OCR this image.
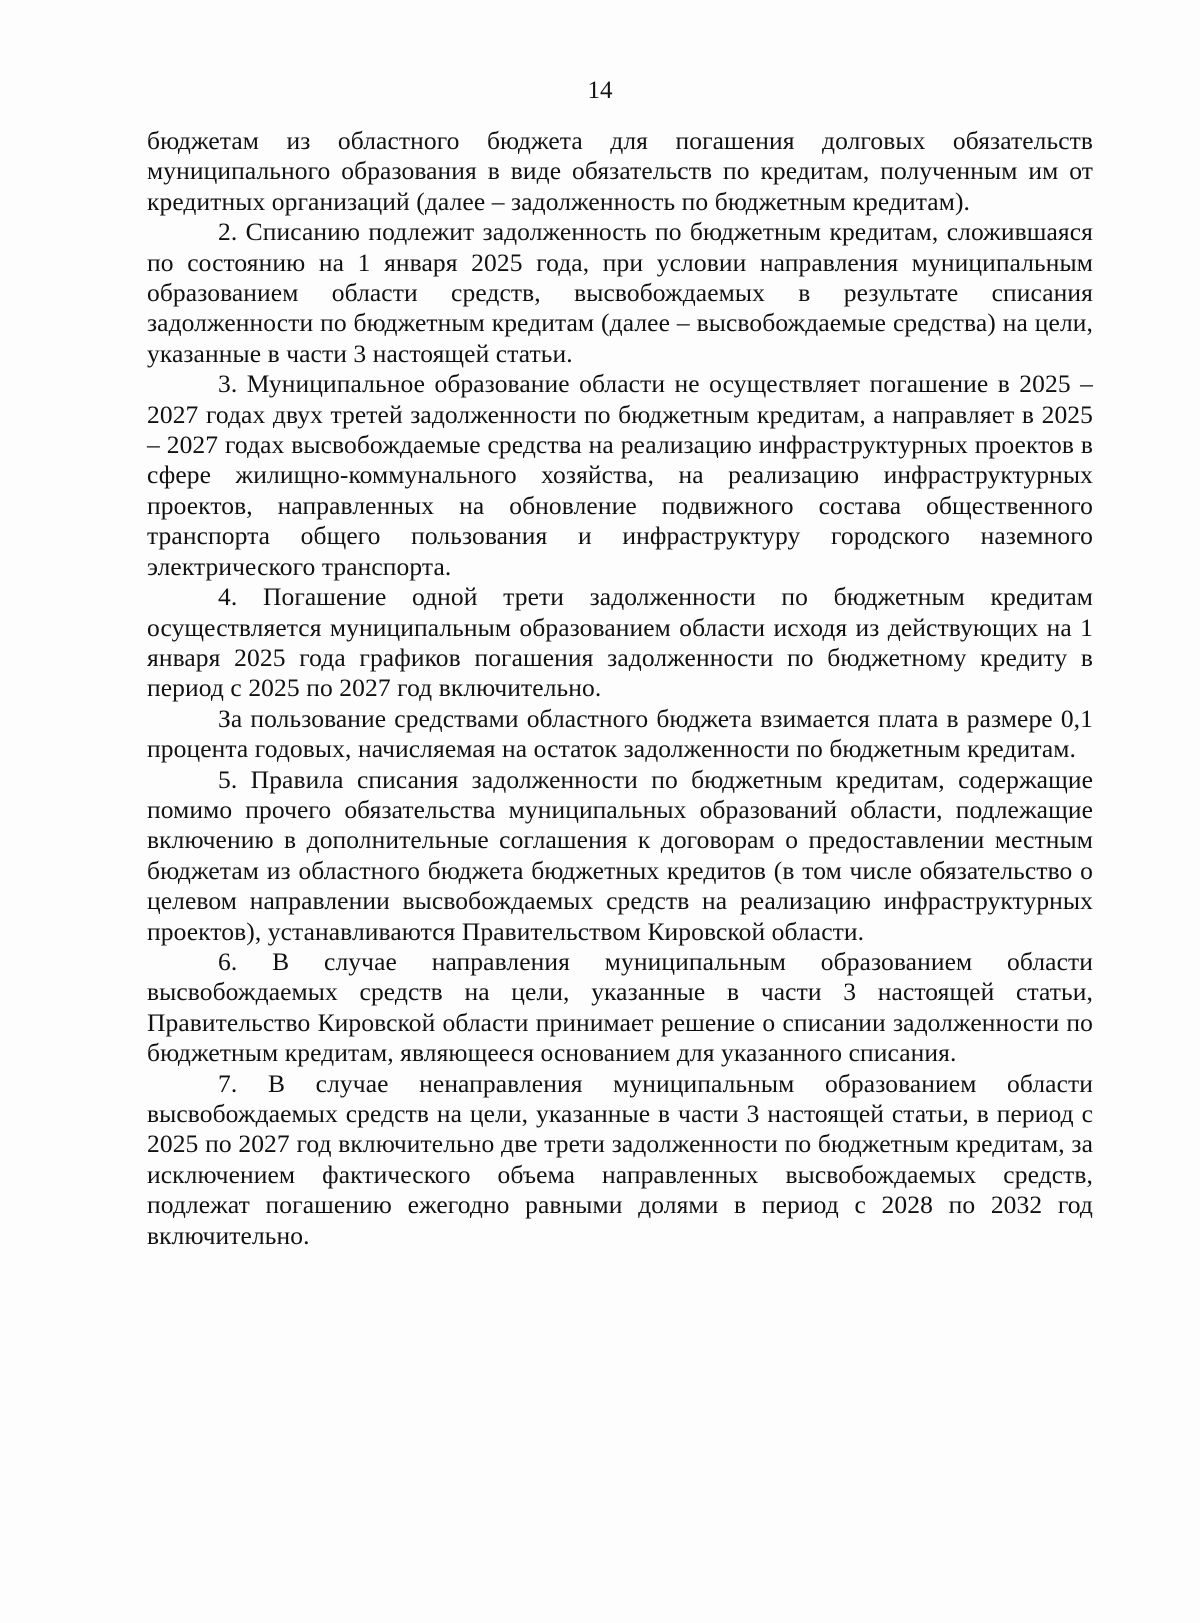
14

бюджетам из областного бюджета для погашения долговых обязательств муниципального образования в виде обязательств по кредитам, полученным им от кредитных организаций (далее – задолженность по бюджетным кредитам).

2. Списанию подлежит задолженность по бюджетным кредитам, сложившаяся по состоянию на 1 января 2025 года, при условии направления муниципальным образованием области средств, высвобождаемых в результате списания задолженности по бюджетным кредитам (далее – высвобождаемые средства) на цели, указанные в части 3 настоящей статьи.

3. Муниципальное образование области не осуществляет погашение в 2025 – 2027 годах двух третей задолженности по бюджетным кредитам, а направляет в 2025 – 2027 годах высвобождаемые средства на реализацию инфраструктурных проектов в сфере жилищно-коммунального хозяйства, на реализацию инфраструктурных проектов, направленных на обновление подвижного состава общественного транспорта общего пользования и инфраструктуру городского наземного электрического транспорта.

4. Погашение одной трети задолженности по бюджетным кредитам осуществляется муниципальным образованием области исходя из действующих на 1 января 2025 года графиков погашения задолженности по бюджетному кредиту в период с 2025 по 2027 год включительно.

За пользование средствами областного бюджета взимается плата в размере 0,1 процента годовых, начисляемая на остаток задолженности по бюджетным кредитам.

5. Правила списания задолженности по бюджетным кредитам, содержащие помимо прочего обязательства муниципальных образований области, подлежащие включению в дополнительные соглашения к договорам о предоставлении местным бюджетам из областного бюджета бюджетных кредитов (в том числе обязательство о целевом направлении высвобождаемых средств на реализацию инфраструктурных проектов), устанавливаются Правительством Кировской области.

6. В случае направления муниципальным образованием области высвобождаемых средств на цели, указанные в части 3 настоящей статьи, Правительство Кировской области принимает решение о списании задолженности по бюджетным кредитам, являющееся основанием для указанного списания.

7. В случае ненаправления муниципальным образованием области высвобождаемых средств на цели, указанные в части 3 настоящей статьи, в период с 2025 по 2027 год включительно две трети задолженности по бюджетным кредитам, за исключением фактического объема направленных высвобождаемых средств, подлежат погашению ежегодно равными долями в период с 2028 по 2032 год включительно.
